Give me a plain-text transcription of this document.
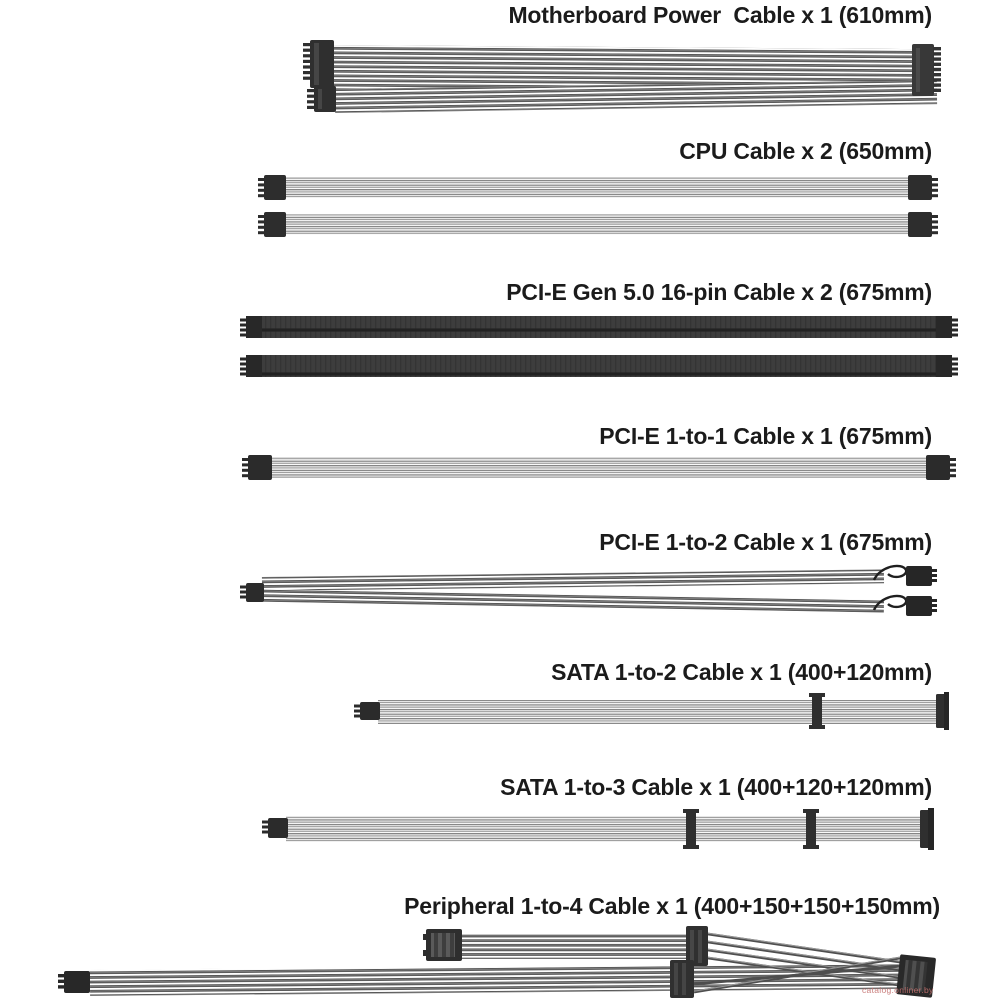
Motherboard Power  Cable x 1 (610mm)
CPU Cable x 2 (650mm)
PCI-E Gen 5.0 16-pin Cable x 2 (675mm)
PCI-E 1-to-1 Cable x 1 (675mm)
PCI-E 1-to-2 Cable x 1 (675mm)
SATA 1-to-2 Cable x 1 (400+120mm)
SATA 1-to-3 Cable x 1 (400+120+120mm)
Peripheral 1-to-4 Cable x 1 (400+150+150+150mm)
catalog.onliner.by
